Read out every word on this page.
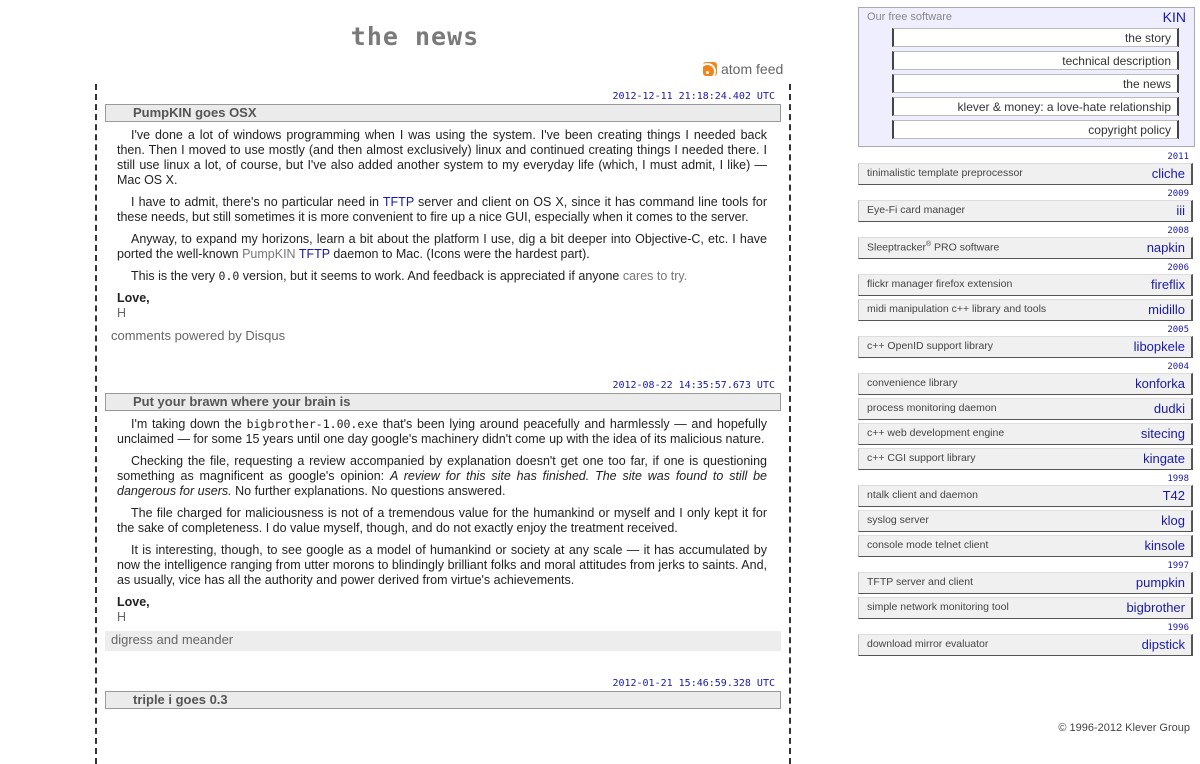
the news
atom feed
2012-12-11 21:18:24.402 UTC
PumpKIN goes OSX

I've done a lot of windows programming when I was using the system. I've been creating things I needed back then. Then I moved to use mostly (and then almost exclusively) linux and continued creating things I needed there. I still use linux a lot, of course, but I've also added another system to my everyday life (which, I must admit, I like) — Mac OS X.

I have to admit, there's no particular need in TFTP server and client on OS X, since it has command line tools for these needs, but still sometimes it is more convenient to fire up a nice GUI, especially when it comes to the server.

Anyway, to expand my horizons, learn a bit about the platform I use, dig a bit deeper into Objective-C, etc. I have ported the well-known PumpKIN TFTP daemon to Mac. (Icons were the hardest part).

This is the very 0.0 version, but it seems to work. And feedback is appreciated if anyone cares to try.

Love,
H
comments powered by Disqus
2012-08-22 14:35:57.673 UTC
Put your brawn where your brain is

I'm taking down the bigbrother-1.00.exe that's been lying around peacefully and harmlessly — and hopefully unclaimed — for some 15 years until one day google's machinery didn't come up with the idea of its malicious nature.

Checking the file, requesting a review accompanied by explanation doesn't get one too far, if one is questioning something as magnificent as google's opinion: A review for this site has finished. The site was found to still be dangerous for users. No further explanations. No questions answered.

The file charged for maliciousness is not of a tremendous value for the humankind or myself and I only kept it for the sake of completeness. I do value myself, though, and do not exactly enjoy the treatment received.

It is interesting, though, to see google as a model of humankind or society at any scale — it has accumulated by now the intelligence ranging from utter morons to blindingly brilliant folks and moral attitudes from jerks to saints. And, as usually, vice has all the authority and power derived from virtue's achievements.

Love,
H
digress and meander
2012-01-21 15:46:59.328 UTC
triple i goes 0.3
Our free software	KIN
the story
technical description
the news
klever & money: a love-hate relationship
copyright policy
2011
tinimalistic template preprocessor	cliche
2009
Eye-Fi card manager	iii
2008
Sleeptracker® PRO software	napkin
2006
flickr manager firefox extension	fireflix
midi manipulation c++ library and tools	midillo
2005
c++ OpenID support library	libopkele
2004
convenience library	konforka
process monitoring daemon	dudki
c++ web development engine	sitecing
c++ CGI support library	kingate
1998
ntalk client and daemon	T42
syslog server	klog
console mode telnet client	kinsole
1997
TFTP server and client	pumpkin
simple network monitoring tool	bigbrother
1996
download mirror evaluator	dipstick
© 1996-2012 Klever Group
